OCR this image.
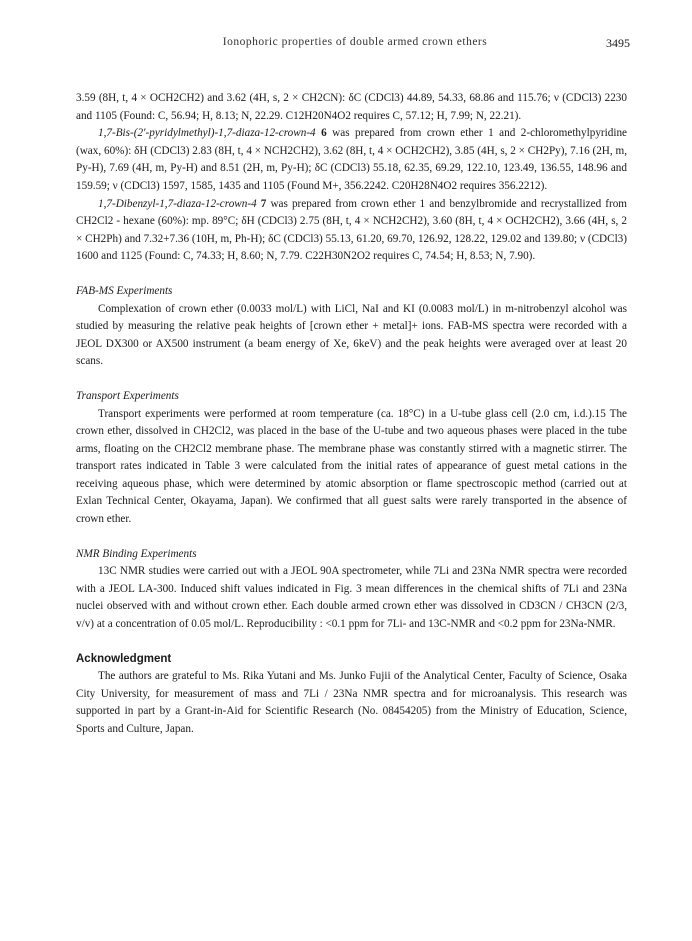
Ionophoric properties of double armed crown ethers	3495

3.59 (8H, t, 4 × OCH2CH2) and 3.62 (4H, s, 2 × CH2CN): δC (CDCl3) 44.89, 54.33, 68.86 and 115.76; ν (CDCl3) 2230 and 1105 (Found: C, 56.94; H, 8.13; N, 22.29. C12H20N4O2 requires C, 57.12; H, 7.99; N, 22.21).

1,7-Bis-(2′-pyridylmethyl)-1,7-diaza-12-crown-4 6 was prepared from crown ether 1 and 2-chloromethylpyridine (wax, 60%): δH (CDCl3) 2.83 (8H, t, 4 × NCH2CH2), 3.62 (8H, t, 4 × OCH2CH2), 3.85 (4H, s, 2 × CH2Py), 7.16 (2H, m, Py-H), 7.69 (4H, m, Py-H) and 8.51 (2H, m, Py-H); δC (CDCl3) 55.18, 62.35, 69.29, 122.10, 123.49, 136.55, 148.96 and 159.59; ν (CDCl3) 1597, 1585, 1435 and 1105 (Found M+, 356.2242. C20H28N4O2 requires 356.2212).

1,7-Dibenzyl-1,7-diaza-12-crown-4 7 was prepared from crown ether 1 and benzylbromide and recrystallized from CH2Cl2 - hexane (60%): mp. 89°C; δH (CDCl3) 2.75 (8H, t, 4 × NCH2CH2), 3.60 (8H, t, 4 × OCH2CH2), 3.66 (4H, s, 2 × CH2Ph) and 7.32+7.36 (10H, m, Ph-H); δC (CDCl3) 55.13, 61.20, 69.70, 126.92, 128.22, 129.02 and 139.80; ν (CDCl3) 1600 and 1125 (Found: C, 74.33; H, 8.60; N, 7.79. C22H30N2O2 requires C, 74.54; H, 8.53; N, 7.90).

FAB-MS Experiments

Complexation of crown ether (0.0033 mol/L) with LiCl, NaI and KI (0.0083 mol/L) in m-nitrobenzyl alcohol was studied by measuring the relative peak heights of [crown ether + metal]+ ions. FAB-MS spectra were recorded with a JEOL DX300 or AX500 instrument (a beam energy of Xe, 6keV) and the peak heights were averaged over at least 20 scans.

Transport Experiments

Transport experiments were performed at room temperature (ca. 18°C) in a U-tube glass cell (2.0 cm, i.d.).15 The crown ether, dissolved in CH2Cl2, was placed in the base of the U-tube and two aqueous phases were placed in the tube arms, floating on the CH2Cl2 membrane phase. The membrane phase was constantly stirred with a magnetic stirrer. The transport rates indicated in Table 3 were calculated from the initial rates of appearance of guest metal cations in the receiving aqueous phase, which were determined by atomic absorption or flame spectroscopic method (carried out at Exlan Technical Center, Okayama, Japan). We confirmed that all guest salts were rarely transported in the absence of crown ether.

NMR Binding Experiments

13C NMR studies were carried out with a JEOL 90A spectrometer, while 7Li and 23Na NMR spectra were recorded with a JEOL LA-300. Induced shift values indicated in Fig. 3 mean differences in the chemical shifts of 7Li and 23Na nuclei observed with and without crown ether. Each double armed crown ether was dissolved in CD3CN / CH3CN (2/3, v/v) at a concentration of 0.05 mol/L. Reproducibility : <0.1 ppm for 7Li- and 13C-NMR and <0.2 ppm for 23Na-NMR.

Acknowledgment

The authors are grateful to Ms. Rika Yutani and Ms. Junko Fujii of the Analytical Center, Faculty of Science, Osaka City University, for measurement of mass and 7Li / 23Na NMR spectra and for microanalysis. This research was supported in part by a Grant-in-Aid for Scientific Research (No. 08454205) from the Ministry of Education, Science, Sports and Culture, Japan.
